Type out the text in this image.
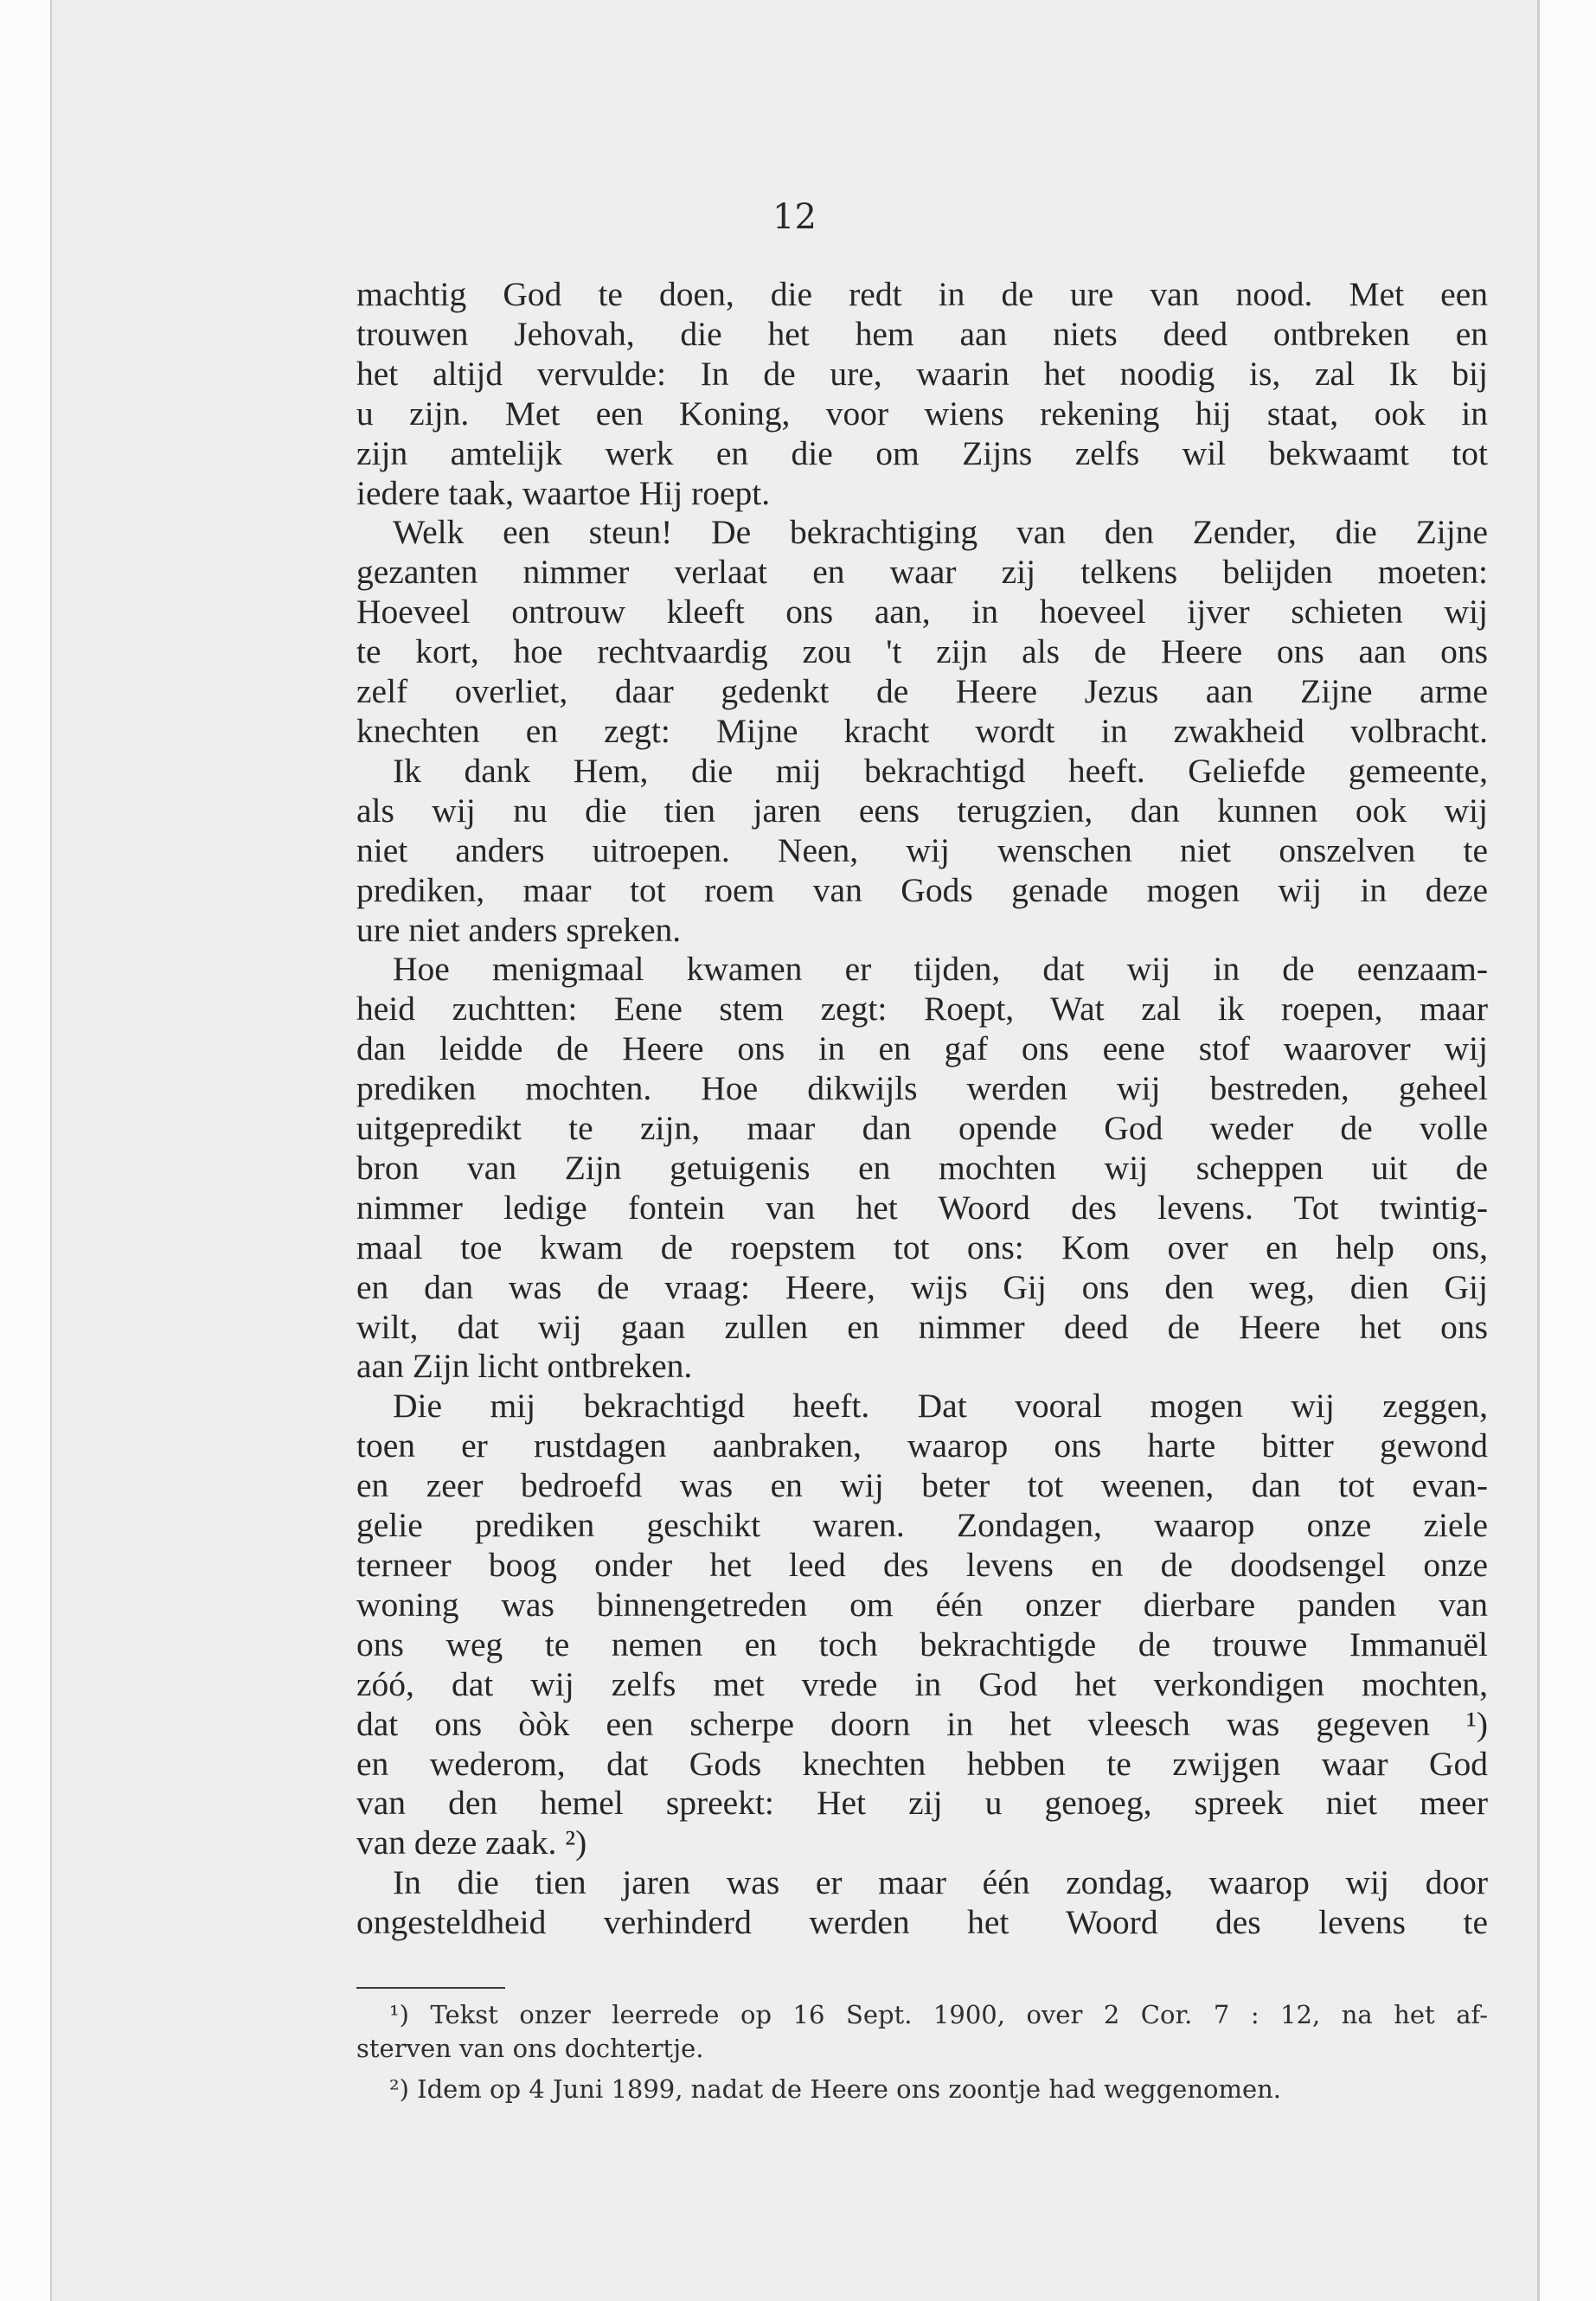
12
machtig God te doen, die redt in de ure van nood. Met een
trouwen Jehovah, die het hem aan niets deed ontbreken en
het altijd vervulde: In de ure, waarin het noodig is, zal Ik bij
u zijn. Met een Koning, voor wiens rekening hij staat, ook in
zijn amtelijk werk en die om Zijns zelfs wil bekwaamt tot
iedere taak, waartoe Hij roept.
Welk een steun! De bekrachtiging van den Zender, die Zijne
gezanten nimmer verlaat en waar zij telkens belijden moeten:
Hoeveel ontrouw kleeft ons aan, in hoeveel ijver schieten wij
te kort, hoe rechtvaardig zou 't zijn als de Heere ons aan ons
zelf overliet, daar gedenkt de Heere Jezus aan Zijne arme
knechten en zegt: Mijne kracht wordt in zwakheid volbracht.
Ik dank Hem, die mij bekrachtigd heeft. Geliefde gemeente,
als wij nu die tien jaren eens terugzien, dan kunnen ook wij
niet anders uitroepen. Neen, wij wenschen niet onszelven te
prediken, maar tot roem van Gods genade mogen wij in deze
ure niet anders spreken.
Hoe menigmaal kwamen er tijden, dat wij in de eenzaam-
heid zuchtten: Eene stem zegt: Roept, Wat zal ik roepen, maar
dan leidde de Heere ons in en gaf ons eene stof waarover wij
prediken mochten. Hoe dikwijls werden wij bestreden, geheel
uitgepredikt te zijn, maar dan opende God weder de volle
bron van Zijn getuigenis en mochten wij scheppen uit de
nimmer ledige fontein van het Woord des levens. Tot twintig-
maal toe kwam de roepstem tot ons: Kom over en help ons,
en dan was de vraag: Heere, wijs Gij ons den weg, dien Gij
wilt, dat wij gaan zullen en nimmer deed de Heere het ons
aan Zijn licht ontbreken.
Die mij bekrachtigd heeft. Dat vooral mogen wij zeggen,
toen er rustdagen aanbraken, waarop ons harte bitter gewond
en zeer bedroefd was en wij beter tot weenen, dan tot evan-
gelie prediken geschikt waren. Zondagen, waarop onze ziele
terneer boog onder het leed des levens en de doodsengel onze
woning was binnengetreden om één onzer dierbare panden van
ons weg te nemen en toch bekrachtigde de trouwe Immanuël
zóó, dat wij zelfs met vrede in God het verkondigen mochten,
dat ons òòk een scherpe doorn in het vleesch was gegeven ¹)
en wederom, dat Gods knechten hebben te zwijgen waar God
van den hemel spreekt: Het zij u genoeg, spreek niet meer
van deze zaak. ²)
In die tien jaren was er maar één zondag, waarop wij door
ongesteldheid verhinderd werden het Woord des levens te
¹) Tekst onzer leerrede op 16 Sept. 1900, over 2 Cor. 7 : 12, na het af-
sterven van ons dochtertje.
²) Idem op 4 Juni 1899, nadat de Heere ons zoontje had weggenomen.
